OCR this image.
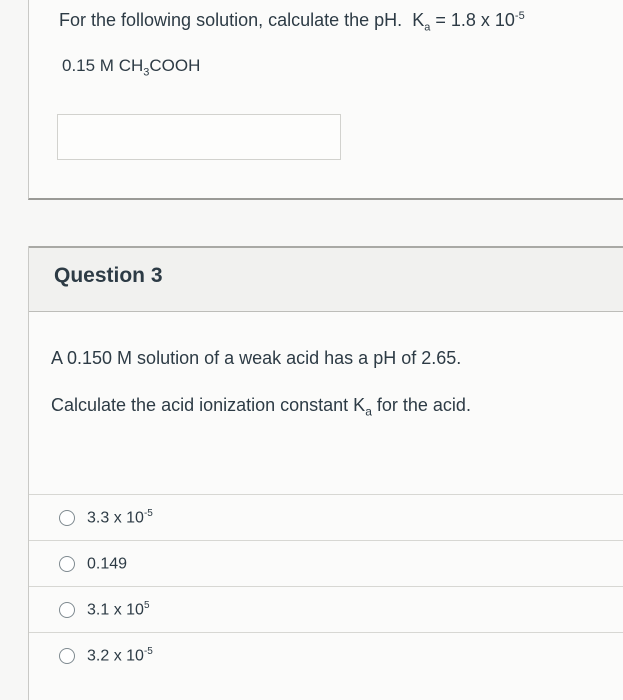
For the following solution, calculate the pH. $K_a = 1.8$ x $10^{-5}$
0.15 M $CH_3COOH$
Question 3
A 0.150 M solution of a weak acid has a pH of 2.65.
Calculate the acid ionization constant $K_a$ for the acid.
3.3 x $10^{-5}$
0.149
3.1 x $10^5$
3.2 x $10^{-5}$
